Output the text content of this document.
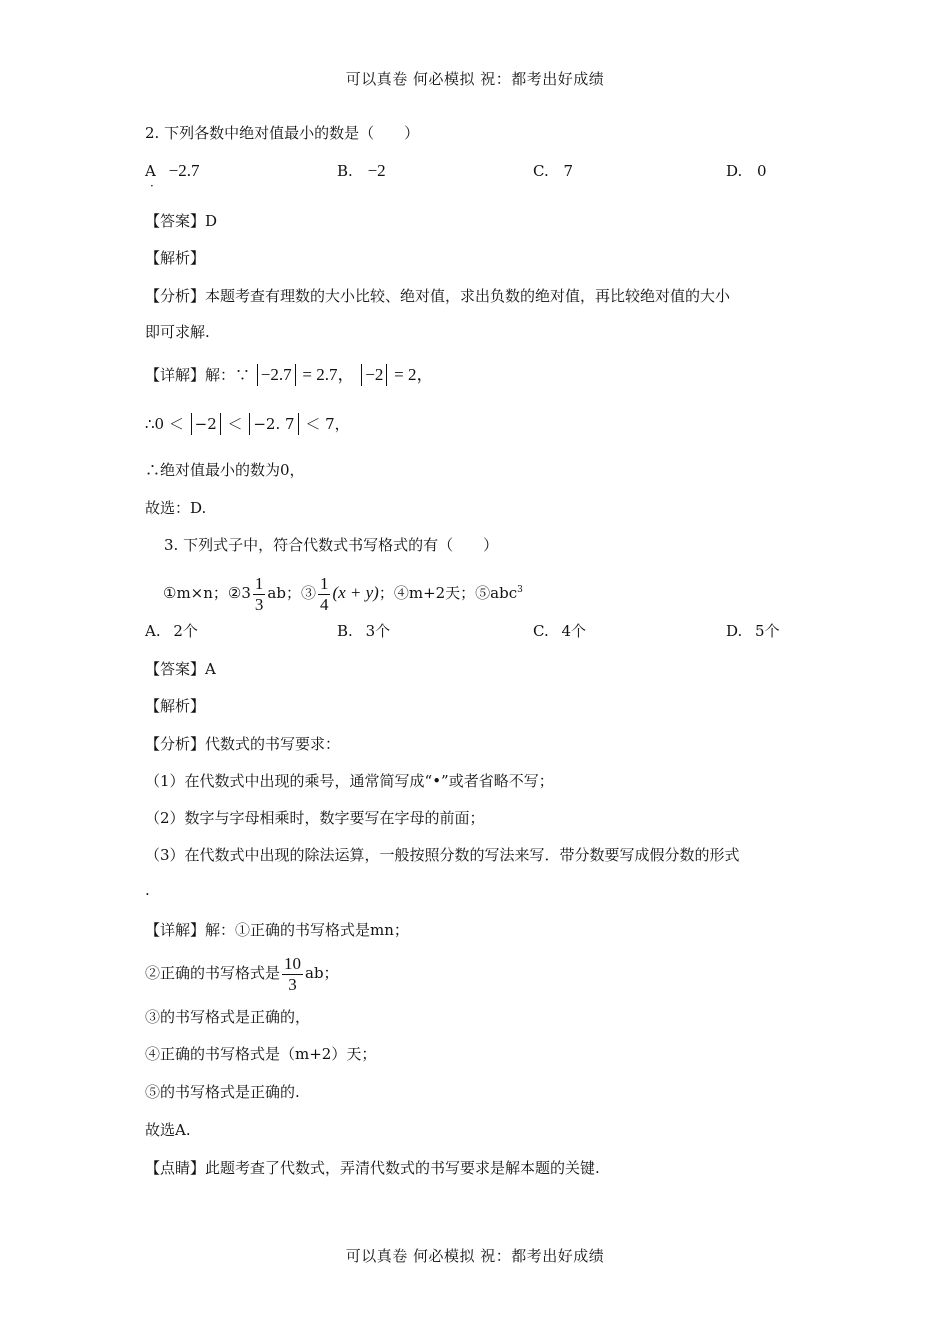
可以真卷 何必模拟 祝：都考出好成绩
2. 下列各数中绝对值最小的数是（　　）
A −2.7
·
B. −2	C. 7	D. 0
【答案】D
【解析】
【分析】本题考查有理数的大小比较、绝对值，求出负数的绝对值，再比较绝对值的大小
即可求解.
【详解】解：∵ −2.7 = 2.7， −2 = 2，
∴0 ＜ −2 ＜ −2. 7 ＜ 7，
∴绝对值最小的数为0，
故选：D.
3. 下列式子中，符合代数式书写格式的有（　　）
①m×n；②3 $\frac{1}{3}$ ab；③ $\frac{1}{4} (x + y)$；④m+2天；⑤abc$^3$
A. 2个	B. 3个	C. 4个	D. 5个
【答案】A
【解析】
【分析】代数式的书写要求：
（1）在代数式中出现的乘号，通常简写成“•”或者省略不写；
（2）数字与字母相乘时，数字要写在字母的前面；
（3）在代数式中出现的除法运算，一般按照分数的写法来写．带分数要写成假分数的形式
.
【详解】解：①正确的书写格式是mn；
②正确的书写格式是 $\frac{10}{3}$ ab；
③的书写格式是正确的，
④正确的书写格式是（m+2）天；
⑤的书写格式是正确的.
故选A.
【点睛】此题考查了代数式，弄清代数式的书写要求是解本题的关键.
可以真卷 何必模拟 祝：都考出好成绩
